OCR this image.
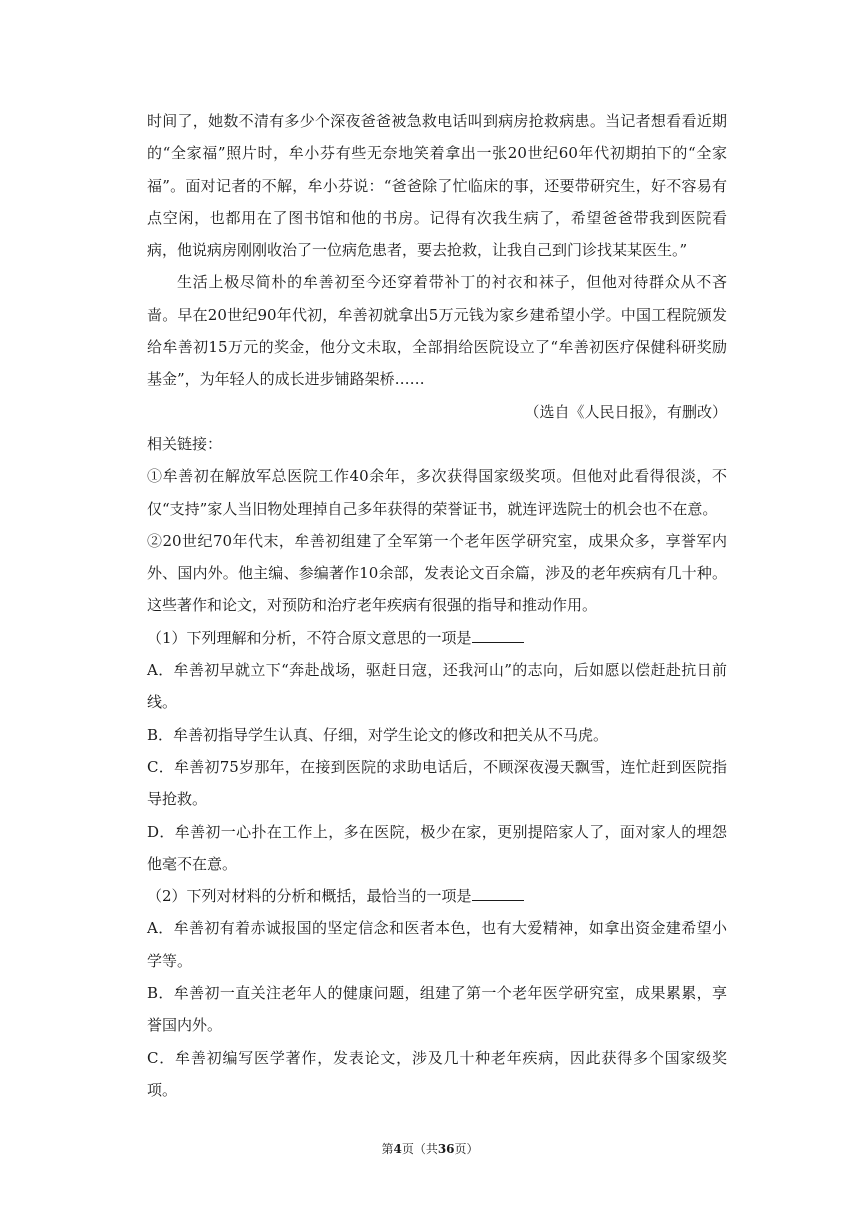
时间了，她数不清有多少个深夜爸爸被急救电话叫到病房抢救病患。当记者想看看近期的“全家福”照片时，牟小芬有些无奈地笑着拿出一张20世纪60年代初期拍下的“全家福”。面对记者的不解，牟小芬说：“爸爸除了忙临床的事，还要带研究生，好不容易有点空闲，也都用在了图书馆和他的书房。记得有次我生病了，希望爸爸带我到医院看病，他说病房刚刚收治了一位病危患者，要去抢救，让我自己到门诊找某某医生。”

生活上极尽简朴的牟善初至今还穿着带补丁的衬衣和袜子，但他对待群众从不吝啬。早在20世纪90年代初，牟善初就拿出5万元钱为家乡建希望小学。中国工程院颁发给牟善初15万元的奖金，他分文未取，全部捐给医院设立了“牟善初医疗保健科研奖励基金”，为年轻人的成长进步铺路架桥……

（选自《人民日报》，有删改）

相关链接：

①牟善初在解放军总医院工作40余年，多次获得国家级奖项。但他对此看得很淡，不仅“支持”家人当旧物处理掉自己多年获得的荣誉证书，就连评选院士的机会也不在意。

②20世纪70年代末，牟善初组建了全军第一个老年医学研究室，成果众多，享誉军内外、国内外。他主编、参编著作10余部，发表论文百余篇，涉及的老年疾病有几十种。这些著作和论文，对预防和治疗老年疾病有很强的指导和推动作用。

（1）下列理解和分析，不符合原文意思的一项是

A．牟善初早就立下“奔赴战场，驱赶日寇，还我河山”的志向，后如愿以偿赶赴抗日前线。

B．牟善初指导学生认真、仔细，对学生论文的修改和把关从不马虎。

C．牟善初75岁那年，在接到医院的求助电话后，不顾深夜漫天飘雪，连忙赶到医院指导抢救。

D．牟善初一心扑在工作上，多在医院，极少在家，更别提陪家人了，面对家人的埋怨他毫不在意。

（2）下列对材料的分析和概括，最恰当的一项是

A．牟善初有着赤诚报国的坚定信念和医者本色，也有大爱精神，如拿出资金建希望小学等。

B．牟善初一直关注老年人的健康问题，组建了第一个老年医学研究室，成果累累，享誉国内外。

C．牟善初编写医学著作，发表论文，涉及几十种老年疾病，因此获得多个国家级奖项。

第4页（共36页）
